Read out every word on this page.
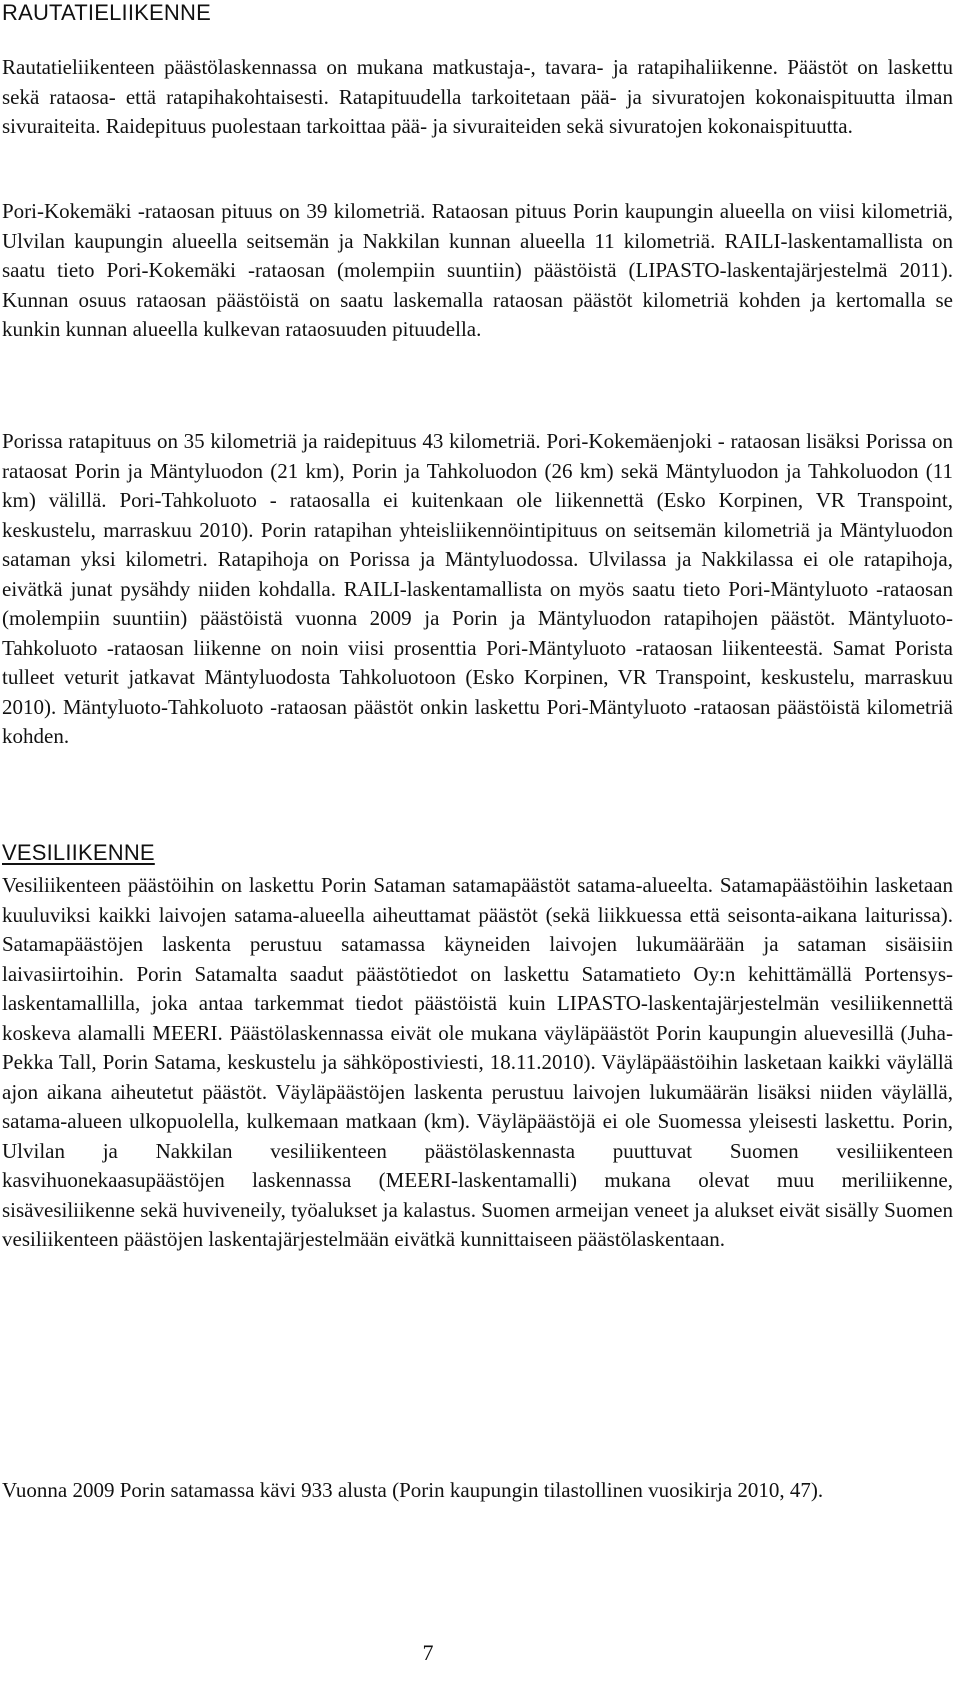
RAUTATIELIIKENNE

Rautatieliikenteen päästölaskennassa on mukana matkustaja-, tavara- ja ratapihaliikenne. Päästöt on laskettu sekä rataosa- että ratapihakohtaisesti. Ratapituudella tarkoitetaan pää- ja sivuratojen kokonaispituutta ilman sivuraiteita. Raidepituus puolestaan tarkoittaa pää- ja sivuraiteiden sekä sivuratojen kokonaispituutta.

Pori-Kokemäki -rataosan pituus on 39 kilometriä. Rataosan pituus Porin kaupungin alueella on viisi kilometriä, Ulvilan kaupungin alueella seitsemän ja Nakkilan kunnan alueella 11 kilometriä. RAILI-laskentamallista on saatu tieto Pori-Kokemäki -rataosan (molempiin suuntiin) päästöistä (LIPASTO-laskentajärjestelmä 2011). Kunnan osuus rataosan päästöistä on saatu laskemalla rataosan päästöt kilometriä kohden ja kertomalla se kunkin kunnan alueella kulkevan rataosuuden pituudella.

Porissa ratapituus on 35 kilometriä ja raidepituus 43 kilometriä. Pori-Kokemäenjoki - rataosan lisäksi Porissa on rataosat Porin ja Mäntyluodon (21 km), Porin ja Tahkoluodon (26 km) sekä Mäntyluodon ja Tahkoluodon (11 km) välillä. Pori-Tahkoluoto - rataosalla ei kuitenkaan ole liikennettä (Esko Korpinen, VR Transpoint, keskustelu, marraskuu 2010). Porin ratapihan yhteisliikennöintipituus on seitsemän kilometriä ja Mäntyluodon sataman yksi kilometri. Ratapihoja on Porissa ja Mäntyluodossa. Ulvilassa ja Nakkilassa ei ole ratapihoja, eivätkä junat pysähdy niiden kohdalla. RAILI-laskentamallista on myös saatu tieto Pori-Mäntyluoto -rataosan (molempiin suuntiin) päästöistä vuonna 2009 ja Porin ja Mäntyluodon ratapihojen päästöt. Mäntyluoto-Tahkoluoto -rataosan liikenne on noin viisi prosenttia Pori-Mäntyluoto -rataosan liikenteestä. Samat Porista tulleet veturit jatkavat Mäntyluodosta Tahkoluotoon (Esko Korpinen, VR Transpoint, keskustelu, marraskuu 2010). Mäntyluoto-Tahkoluoto -rataosan päästöt onkin laskettu Pori-Mäntyluoto -rataosan päästöistä kilometriä kohden.

VESILIIKENNE

Vesiliikenteen päästöihin on laskettu Porin Sataman satamapäästöt satama-alueelta. Satamapäästöihin lasketaan kuuluviksi kaikki laivojen satama-alueella aiheuttamat päästöt (sekä liikkuessa että seisonta-aikana laiturissa). Satamapäästöjen laskenta perustuu satamassa käyneiden laivojen lukumäärään ja sataman sisäisiin laivasiirtoihin. Porin Satamalta saadut päästötiedot on laskettu Satamatieto Oy:n kehittämällä Portensys-laskentamallilla, joka antaa tarkemmat tiedot päästöistä kuin LIPASTO-laskentajärjestelmän vesiliikennettä koskeva alamalli MEERI. Päästölaskennassa eivät ole mukana väyläpäästöt Porin kaupungin aluevesillä (Juha-Pekka Tall, Porin Satama, keskustelu ja sähköpostiviesti, 18.11.2010). Väyläpäästöihin lasketaan kaikki väylällä ajon aikana aiheutetut päästöt. Väyläpäästöjen laskenta perustuu laivojen lukumäärän lisäksi niiden väylällä, satama-alueen ulkopuolella, kulkemaan matkaan (km). Väyläpäästöjä ei ole Suomessa yleisesti laskettu. Porin, Ulvilan ja Nakkilan vesiliikenteen päästölaskennasta puuttuvat Suomen vesiliikenteen kasvihuonekaasupäästöjen laskennassa (MEERI-laskentamalli) mukana olevat muu meriliikenne, sisävesiliikenne sekä huviveneily, työalukset ja kalastus. Suomen armeijan veneet ja alukset eivät sisälly Suomen vesiliikenteen päästöjen laskentajärjestelmään eivätkä kunnittaiseen päästölaskentaan.

Vuonna 2009 Porin satamassa kävi 933 alusta (Porin kaupungin tilastollinen vuosikirja 2010, 47).

7
